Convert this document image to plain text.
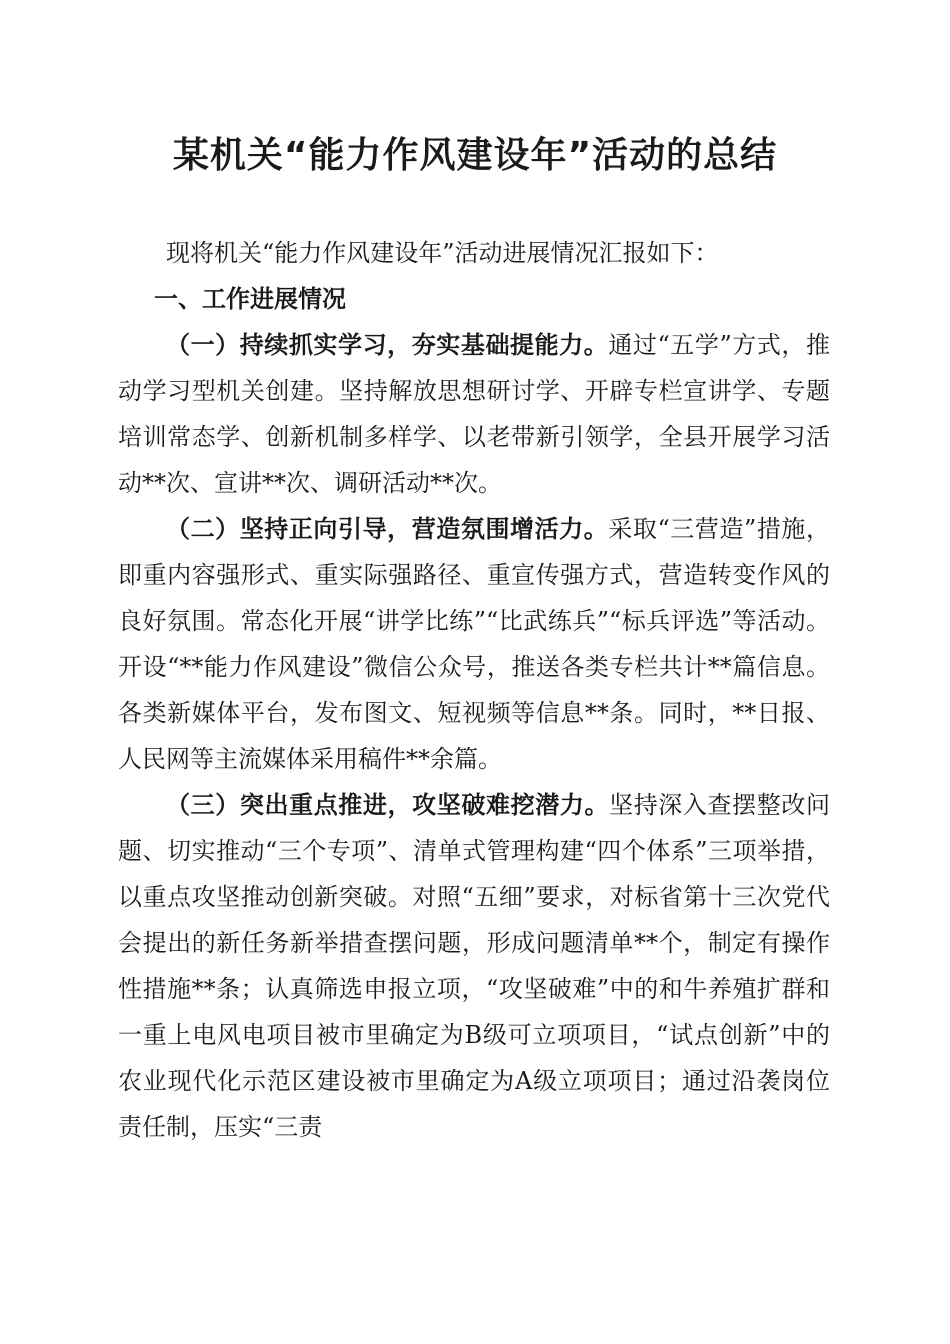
某机关“能力作风建设年”活动的总结

现将机关“能力作风建设年”活动进展情况汇报如下：

一、工作进展情况

（一）持续抓实学习，夯实基础提能力。通过“五学”方式，推动学习型机关创建。坚持解放思想研讨学、开辟专栏宣讲学、专题培训常态学、创新机制多样学、以老带新引领学，全县开展学习活动**次、宣讲**次、调研活动**次。

（二）坚持正向引导，营造氛围增活力。采取“三营造”措施，即重内容强形式、重实际强路径、重宣传强方式，营造转变作风的良好氛围。常态化开展“讲学比练”“比武练兵”“标兵评选”等活动。开设“**能力作风建设”微信公众号，推送各类专栏共计**篇信息。各类新媒体平台，发布图文、短视频等信息**条。同时，**日报、人民网等主流媒体采用稿件**余篇。

（三）突出重点推进，攻坚破难挖潜力。坚持深入查摆整改问题、切实推动“三个专项”、清单式管理构建“四个体系”三项举措，以重点攻坚推动创新突破。对照“五细”要求，对标省第十三次党代会提出的新任务新举措查摆问题，形成问题清单**个，制定有操作性措施**条；认真筛选申报立项，“攻坚破难”中的和牛养殖扩群和一重上电风电项目被市里确定为B级可立项项目，“试点创新”中的农业现代化示范区建设被市里确定为A级立项项目；通过沿袭岗位责任制，压实“三责
